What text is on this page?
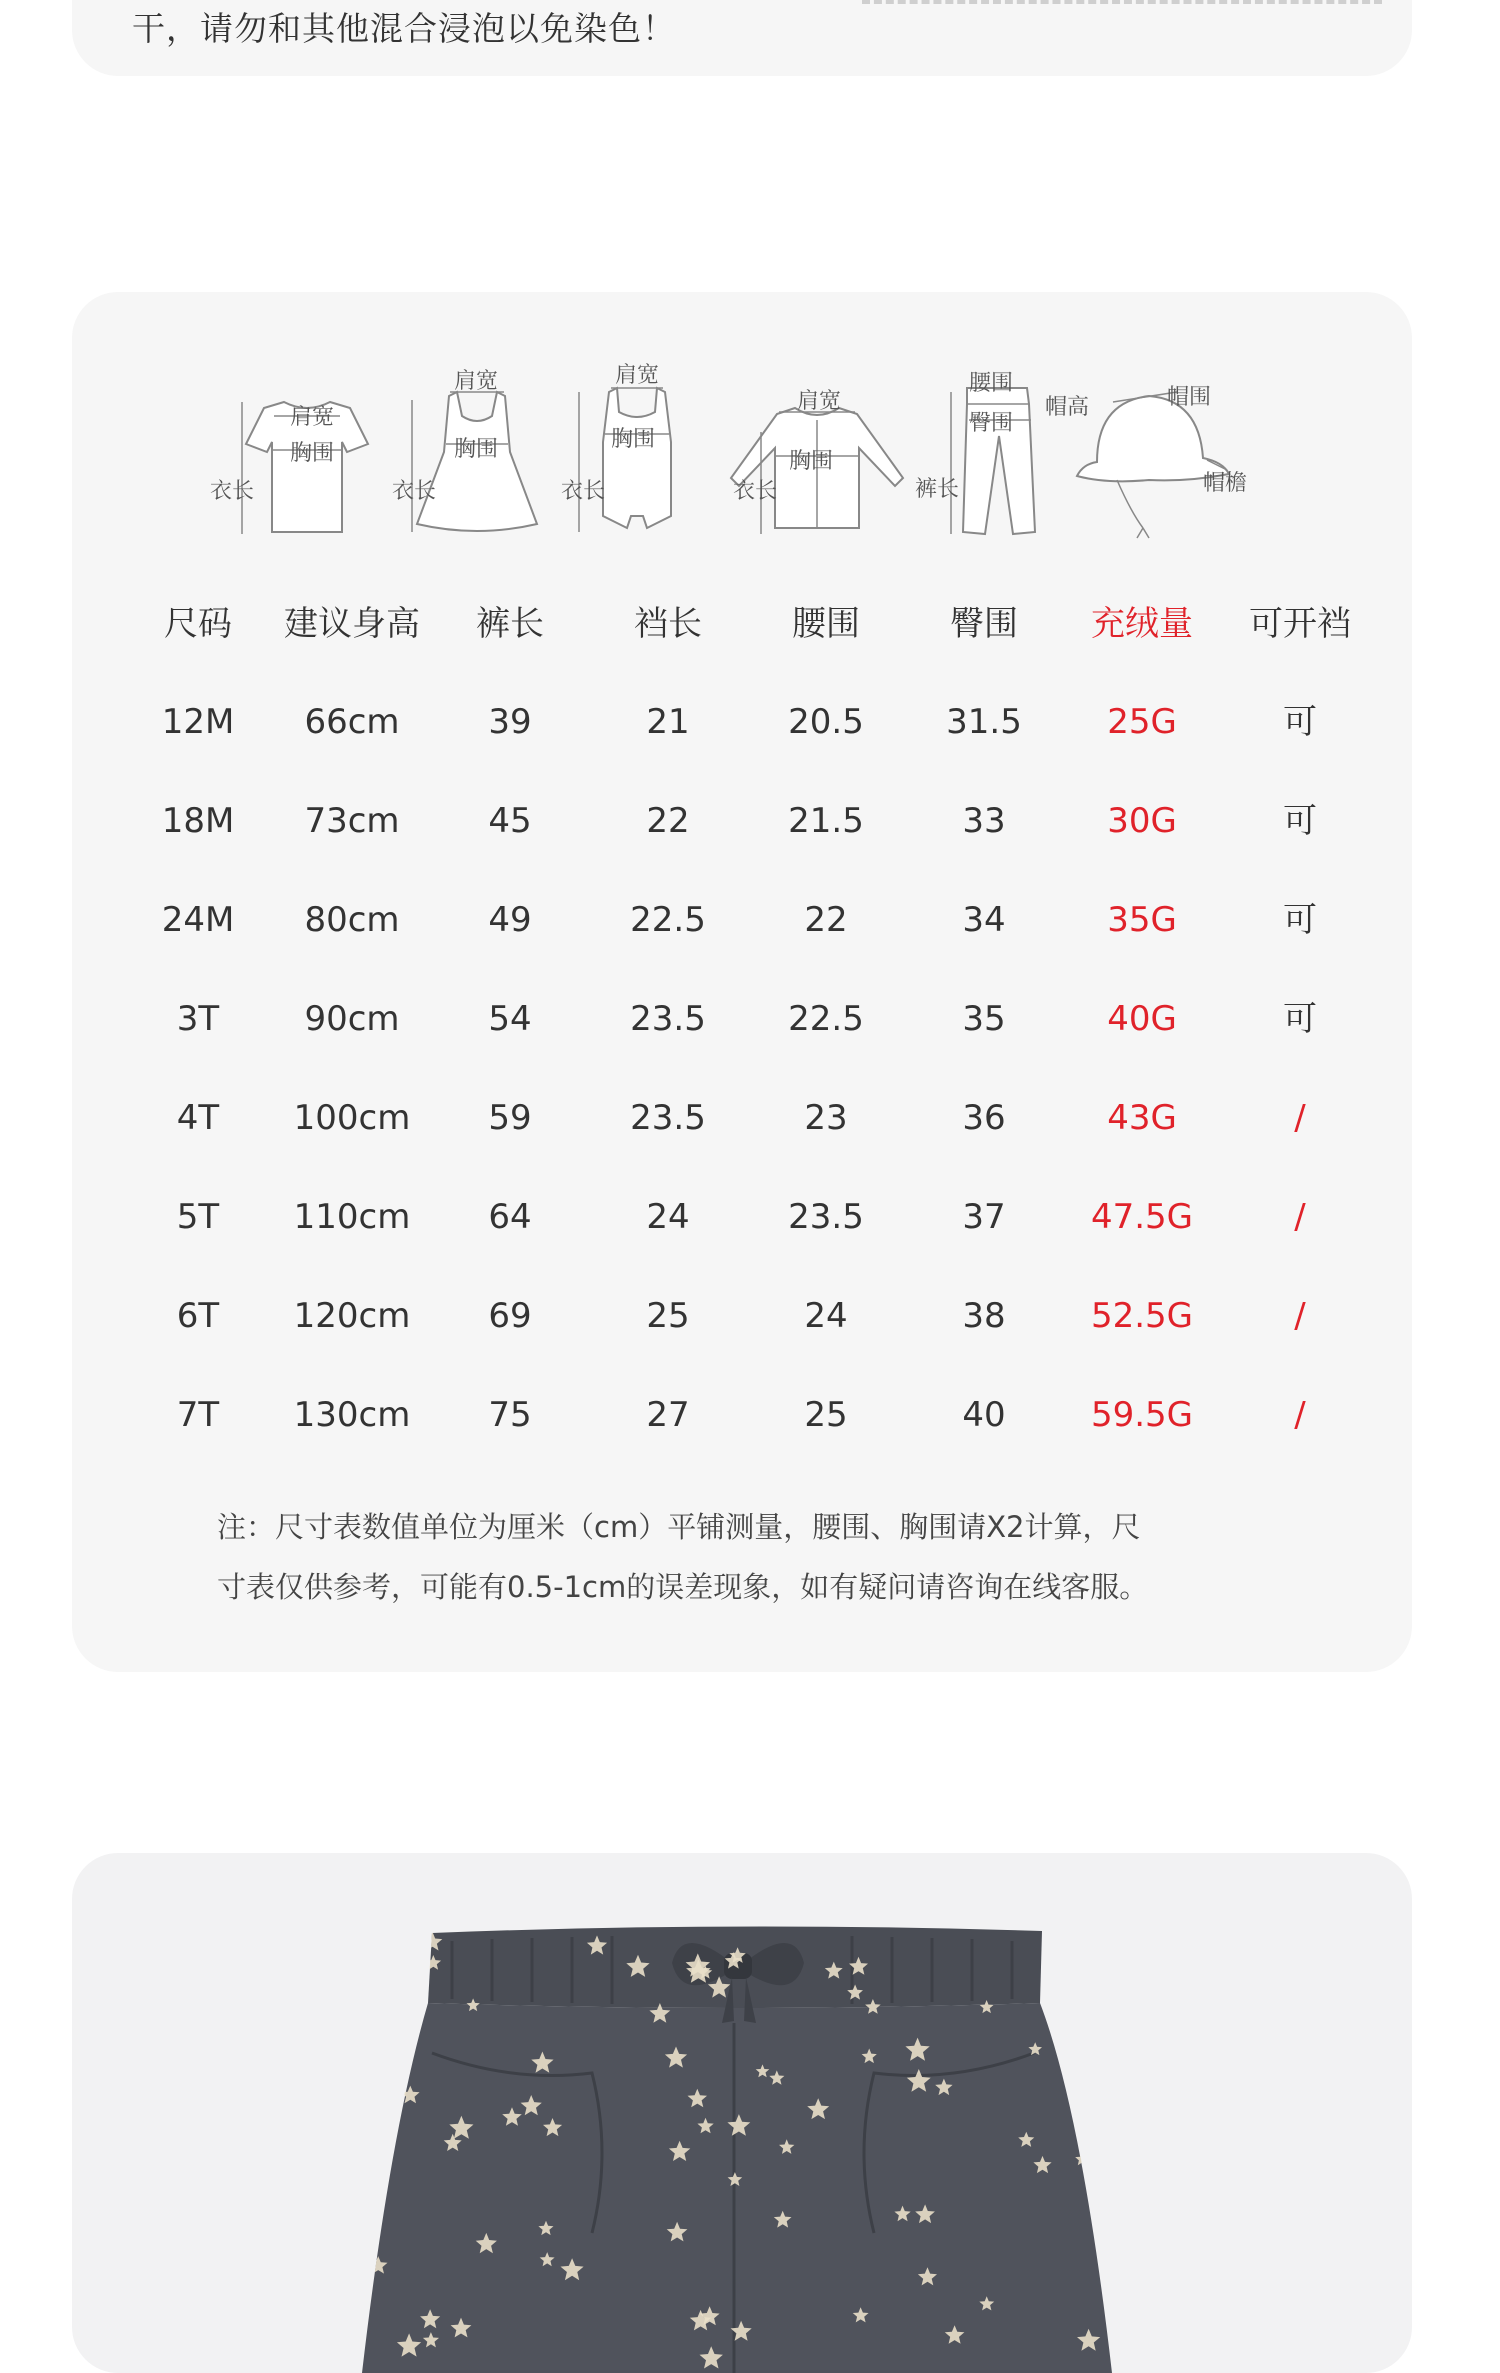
干，请勿和其他混合浸泡以免染色！
肩宽
胸围
衣长
肩宽
胸围
衣长
肩宽
胸围
衣长
肩宽
胸围
衣长
腰围
臀围
裤长
帽高	帽围
帽檐
尺码	建议身高	裤长	裆长	腰围	臀围	充绒量	可开裆
12M	66cm	39	21	20.5	31.5	25G	可
18M	73cm	45	22	21.5	33	30G	可
24M	80cm	49	22.5	22	34	35G	可
3T	90cm	54	23.5	22.5	35	40G	可
4T	100cm	59	23.5	23	36	43G	/
5T	110cm	64	24	23.5	37	47.5G	/
6T	120cm	69	25	24	38	52.5G	/
7T	130cm	75	27	25	40	59.5G	/
注：尺寸表数值单位为厘米（cm）平铺测量，腰围、胸围请X2计算，尺
寸表仅供参考，可能有0.5-1cm的误差现象，如有疑问请咨询在线客服。
